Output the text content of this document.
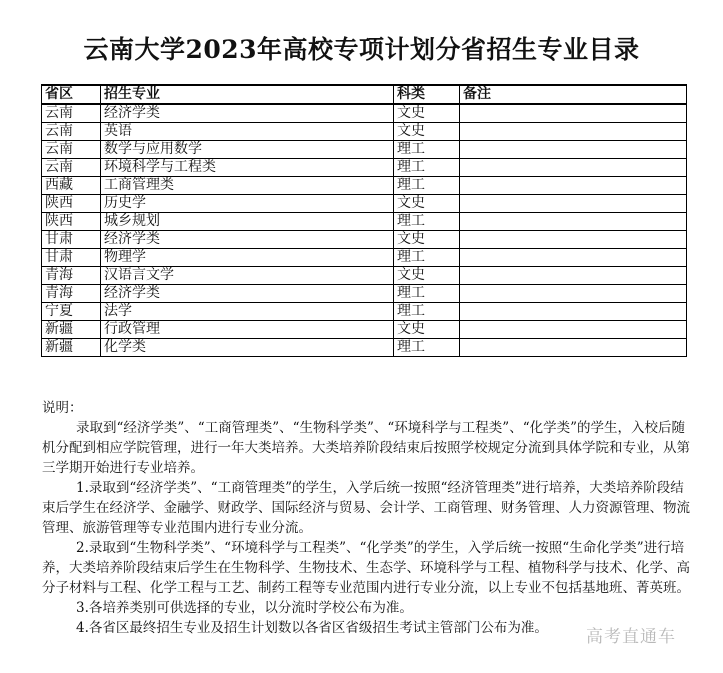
云南大学2023年高校专项计划分省招生专业目录
省区	招生专业	科类	备注
云南	经济学类	文史	
云南	英语	文史	
云南	数学与应用数学	理工	
云南	环境科学与工程类	理工	
西藏	工商管理类	理工	
陕西	历史学	文史	
陕西	城乡规划	理工	
甘肃	经济学类	文史	
甘肃	物理学	理工	
青海	汉语言文学	文史	
青海	经济学类	理工	
宁夏	法学	理工	
新疆	行政管理	文史	
新疆	化学类	理工	

说明：

录取到“经济学类”、“工商管理类”、“生物科学类”、“环境科学与工程类”、“化学类”的学生，入校后随机分配到相应学院管理，进行一年大类培养。大类培养阶段结束后按照学校规定分流到具体学院和专业，从第三学期开始进行专业培养。

1.录取到“经济学类”、“工商管理类”的学生，入学后统一按照“经济管理类”进行培养，大类培养阶段结束后学生在经济学、金融学、财政学、国际经济与贸易、会计学、工商管理、财务管理、人力资源管理、物流管理、旅游管理等专业范围内进行专业分流。

2.录取到“生物科学类”、“环境科学与工程类”、“化学类”的学生，入学后统一按照“生命化学类”进行培养，大类培养阶段结束后学生在生物科学、生物技术、生态学、环境科学与工程、植物科学与技术、化学、高分子材料与工程、化学工程与工艺、制药工程等专业范围内进行专业分流，以上专业不包括基地班、菁英班。

3.各培养类别可供选择的专业，以分流时学校公布为准。

4.各省区最终招生专业及招生计划数以各省区省级招生考试主管部门公布为准。	高考直通车
